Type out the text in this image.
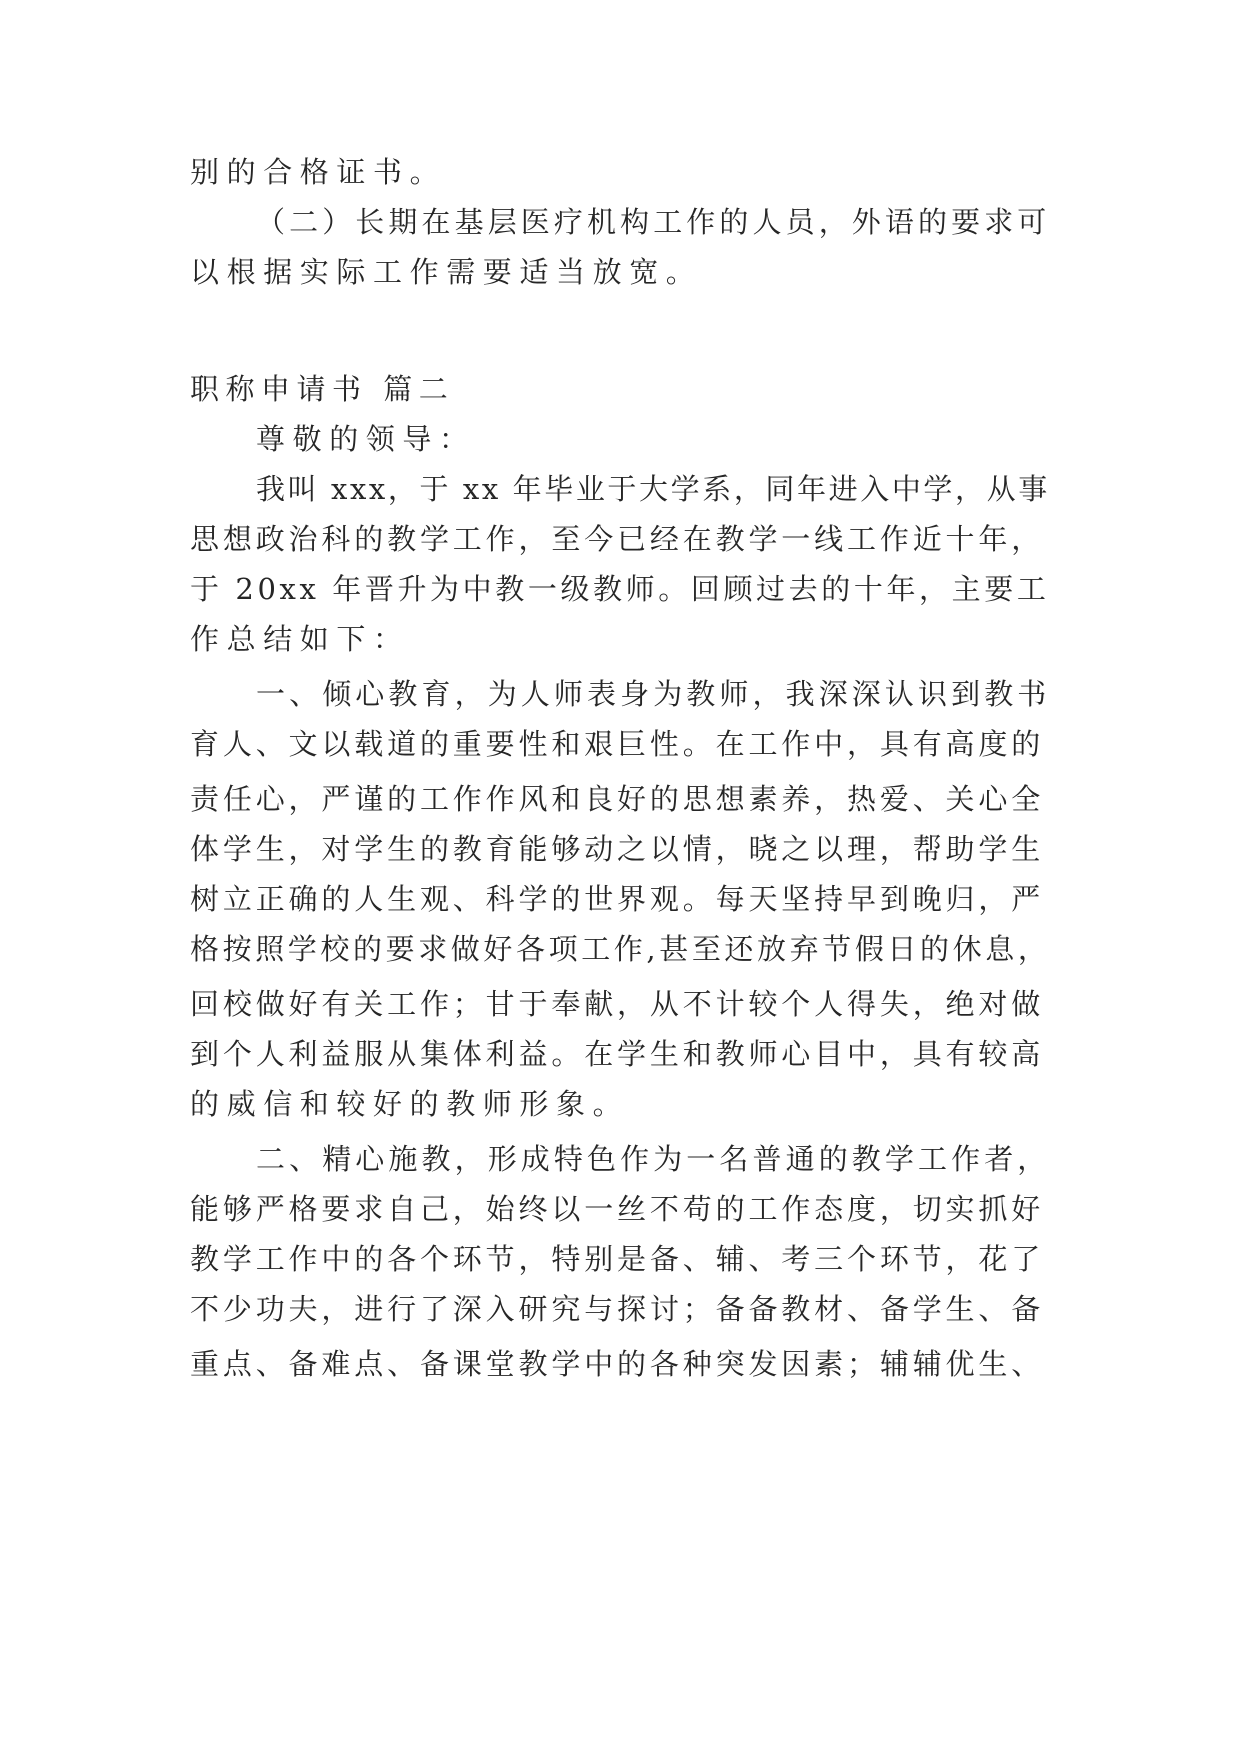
别的合格证书。

（二）长期在基层医疗机构工作的人员，外语的要求可

以根据实际工作需要适当放宽。

职称申请书 篇二

尊敬的领导：

我叫 xxx，于 xx 年毕业于大学系，同年进入中学，从事

思想政治科的教学工作，至今已经在教学一线工作近十年，

于 20xx 年晋升为中教一级教师。回顾过去的十年，主要工

作总结如下：

一、倾心教育，为人师表身为教师，我深深认识到教书

育人、文以载道的重要性和艰巨性。在工作中，具有高度的

责任心，严谨的工作作风和良好的思想素养，热爱、关心全

体学生，对学生的教育能够动之以情，晓之以理，帮助学生

树立正确的人生观、科学的世界观。每天坚持早到晚归，严

格按照学校的要求做好各项工作,甚至还放弃节假日的休息，

回校做好有关工作；甘于奉献，从不计较个人得失，绝对做

到个人利益服从集体利益。在学生和教师心目中，具有较高

的威信和较好的教师形象。

二、精心施教，形成特色作为一名普通的教学工作者，

能够严格要求自己，始终以一丝不苟的工作态度，切实抓好

教学工作中的各个环节，特别是备、辅、考三个环节，花了

不少功夫，进行了深入研究与探讨；备备教材、备学生、备

重点、备难点、备课堂教学中的各种突发因素；辅辅优生、
